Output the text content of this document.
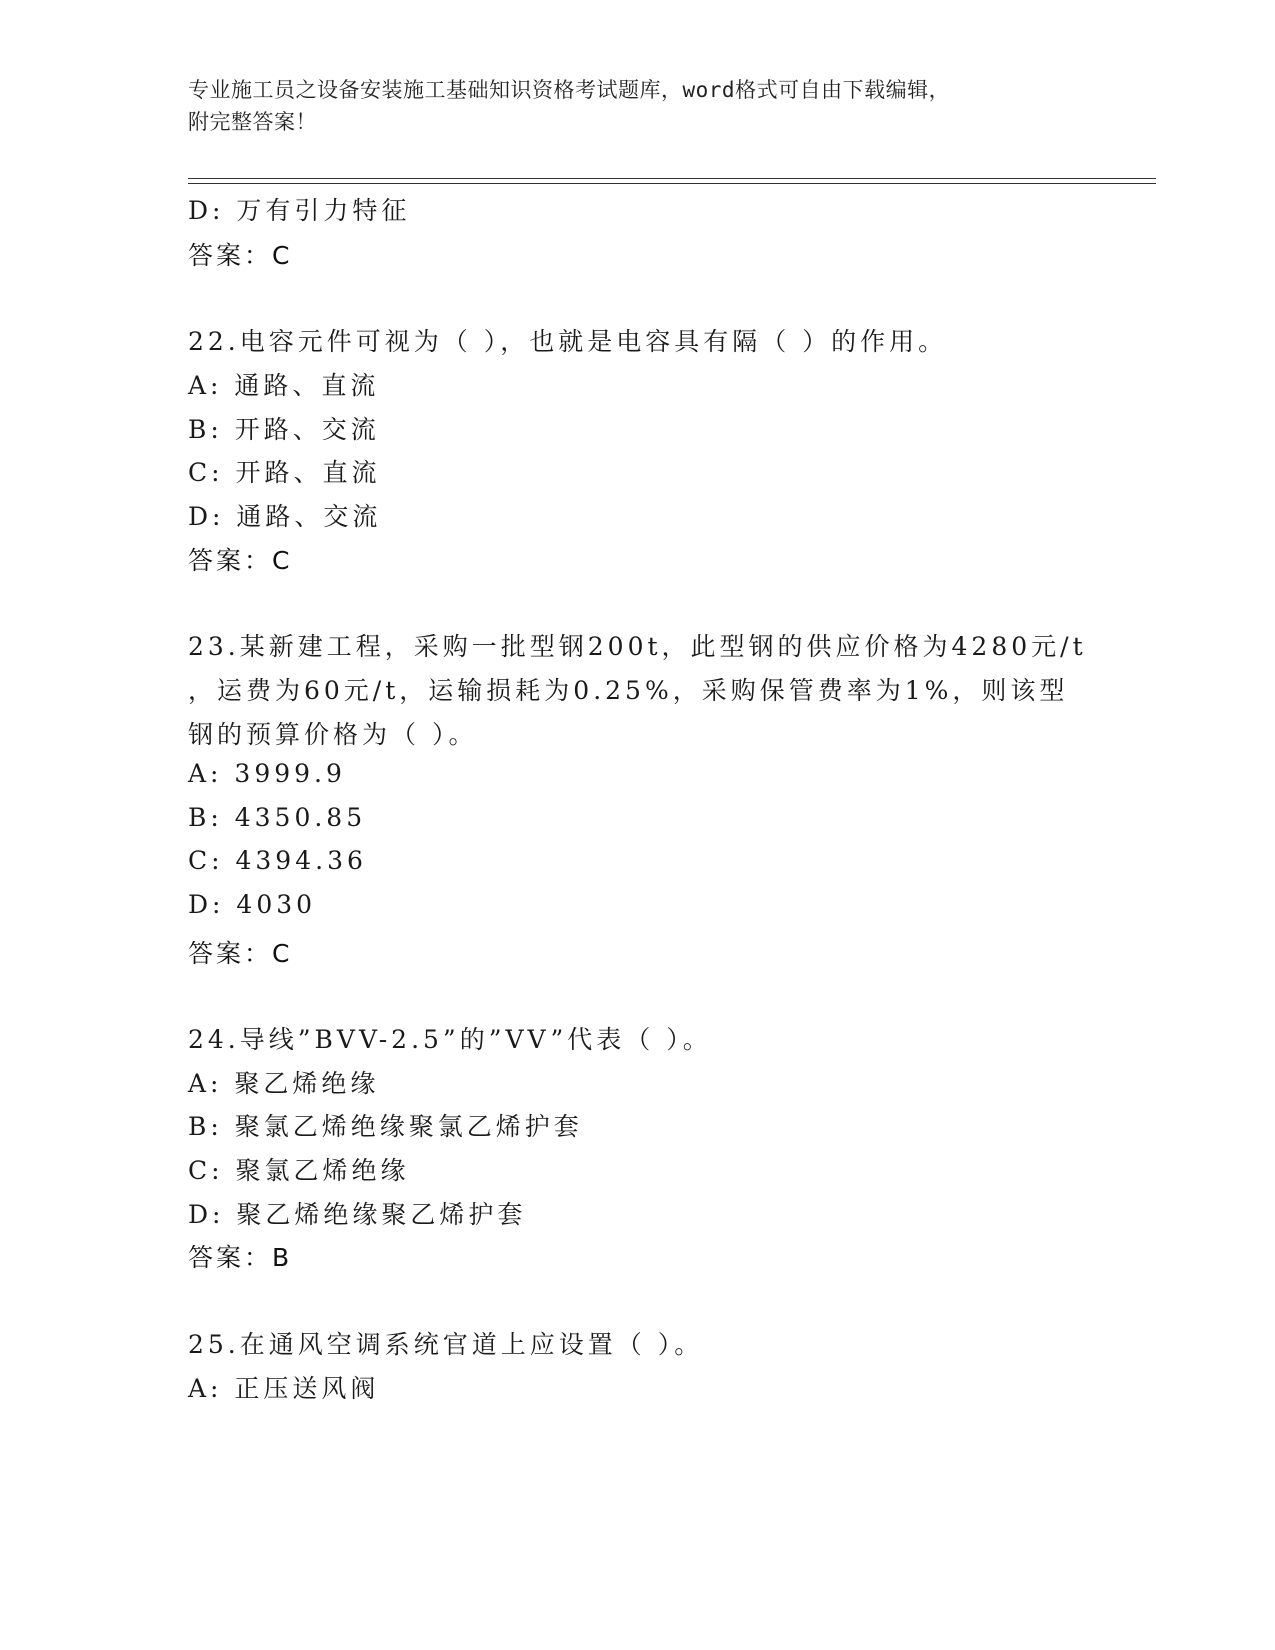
专业施工员之设备安装施工基础知识资格考试题库，word格式可自由下载编辑，
附完整答案！
D: 万有引力特征
答案：C
22.电容元件可视为（ ），也就是电容具有隔（ ）的作用。
A: 通路、直流
B: 开路、交流
C: 开路、直流
D: 通路、交流
答案：C
23.某新建工程，采购一批型钢200t，此型钢的供应价格为4280元/t
，运费为60元/t，运输损耗为0.25%，采购保管费率为1%，则该型
钢的预算价格为（ ）。
A: 3999.9
B: 4350.85
C: 4394.36
D: 4030
答案：C
24.导线”BVV-2.5”的”VV”代表（ ）。
A: 聚乙烯绝缘
B: 聚氯乙烯绝缘聚氯乙烯护套
C: 聚氯乙烯绝缘
D: 聚乙烯绝缘聚乙烯护套
答案：B
25.在通风空调系统官道上应设置（ ）。
A: 正压送风阀
